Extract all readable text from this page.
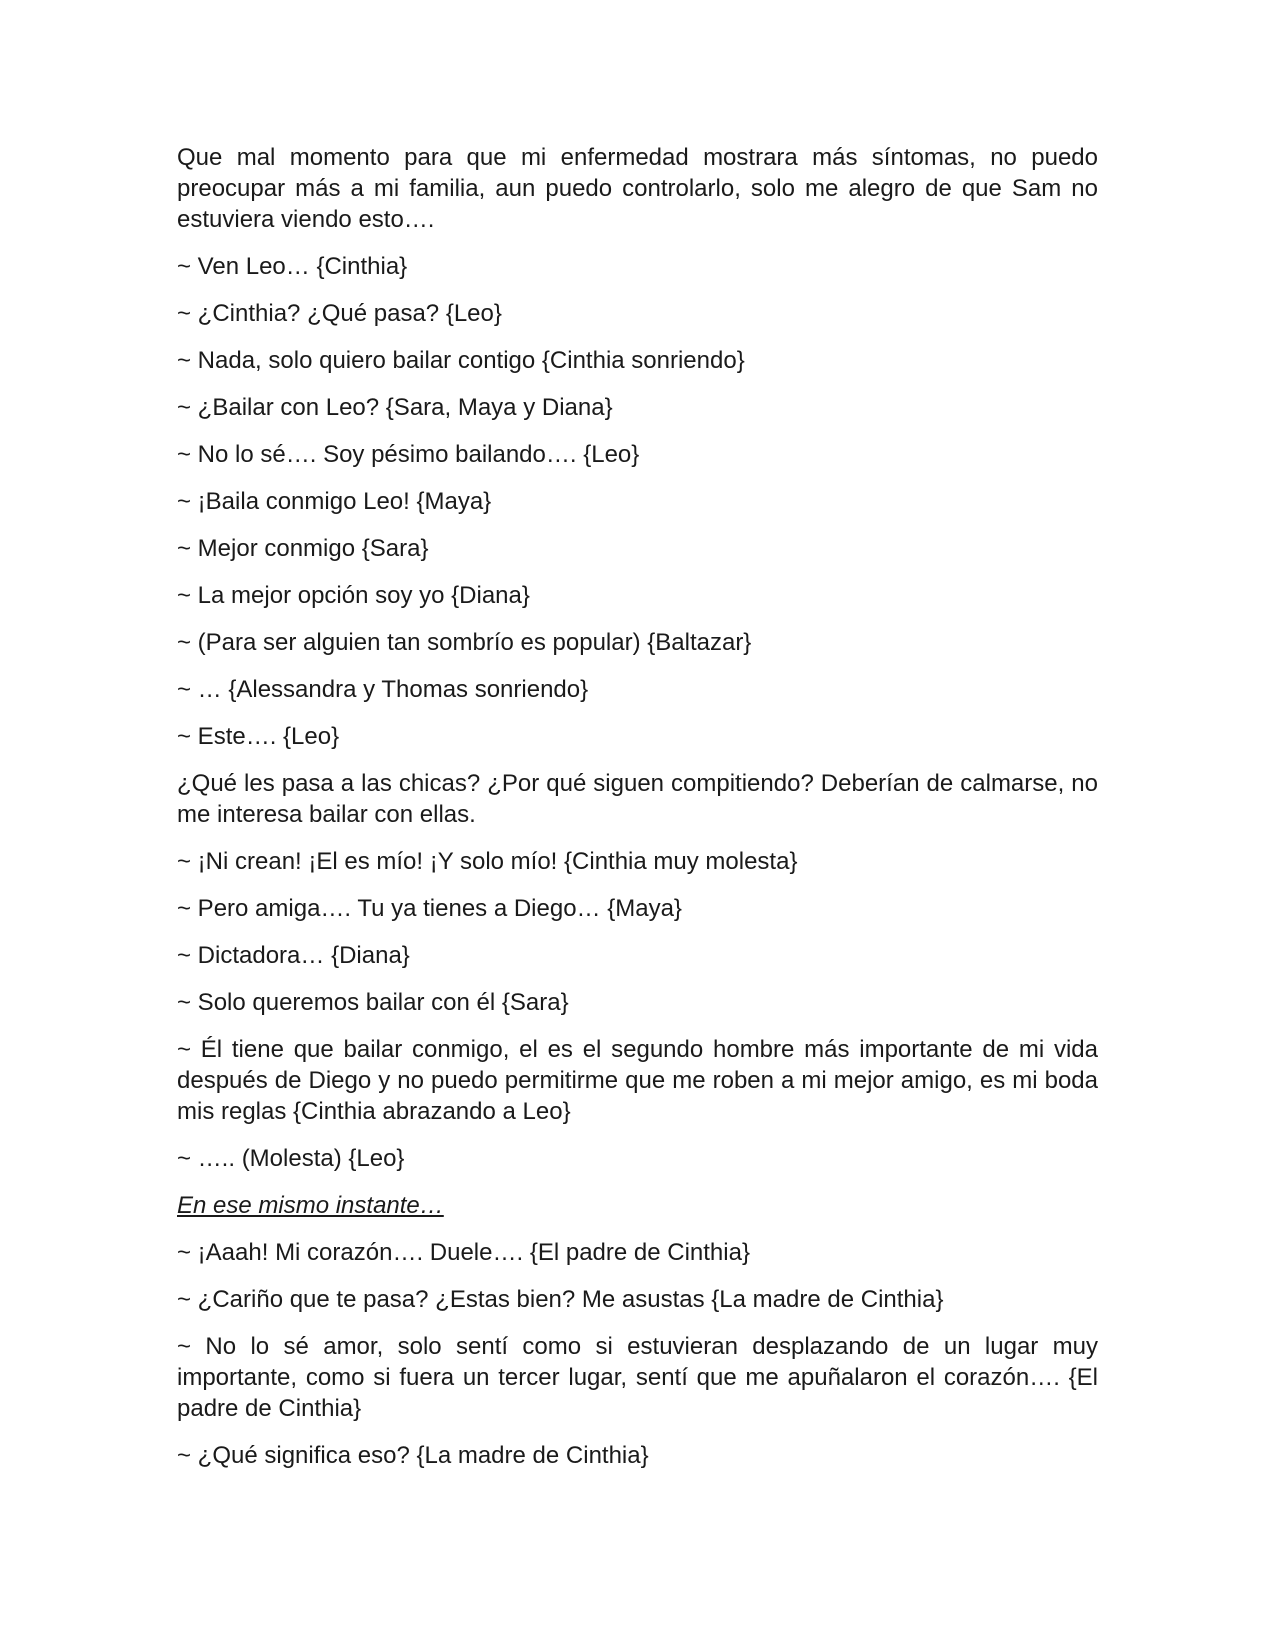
Que mal momento para que mi enfermedad mostrara más síntomas, no puedo preocupar más a mi familia, aun puedo controlarlo, solo me alegro de que Sam no estuviera viendo esto….

~ Ven Leo… {Cinthia}

~ ¿Cinthia? ¿Qué pasa? {Leo}

~ Nada, solo quiero bailar contigo {Cinthia sonriendo}

~ ¿Bailar con Leo? {Sara, Maya y Diana}

~ No lo sé…. Soy pésimo bailando…. {Leo}

~ ¡Baila conmigo Leo! {Maya}

~ Mejor conmigo {Sara}

~ La mejor opción soy yo {Diana}

~ (Para ser alguien tan sombrío es popular) {Baltazar}

~ … {Alessandra y Thomas sonriendo}

~ Este…. {Leo}

¿Qué les pasa a las chicas? ¿Por qué siguen compitiendo? Deberían de calmarse, no me interesa bailar con ellas.

~ ¡Ni crean! ¡El es mío! ¡Y solo mío! {Cinthia muy molesta}

~ Pero amiga…. Tu ya tienes a Diego… {Maya}

~ Dictadora… {Diana}

~ Solo queremos bailar con él {Sara}

~ Él tiene que bailar conmigo, el es el segundo hombre más importante de mi vida después de Diego y no puedo permitirme que me roben a mi mejor amigo, es mi boda mis reglas {Cinthia abrazando a Leo}

~ ….. (Molesta) {Leo}

En ese mismo instante…

~ ¡Aaah! Mi corazón…. Duele…. {El padre de Cinthia}

~ ¿Cariño que te pasa? ¿Estas bien? Me asustas {La madre de Cinthia}

~ No lo sé amor, solo sentí como si estuvieran desplazando de un lugar muy importante, como si fuera un tercer lugar, sentí que me apuñalaron el corazón…. {El padre de Cinthia}

~ ¿Qué significa eso? {La madre de Cinthia}
